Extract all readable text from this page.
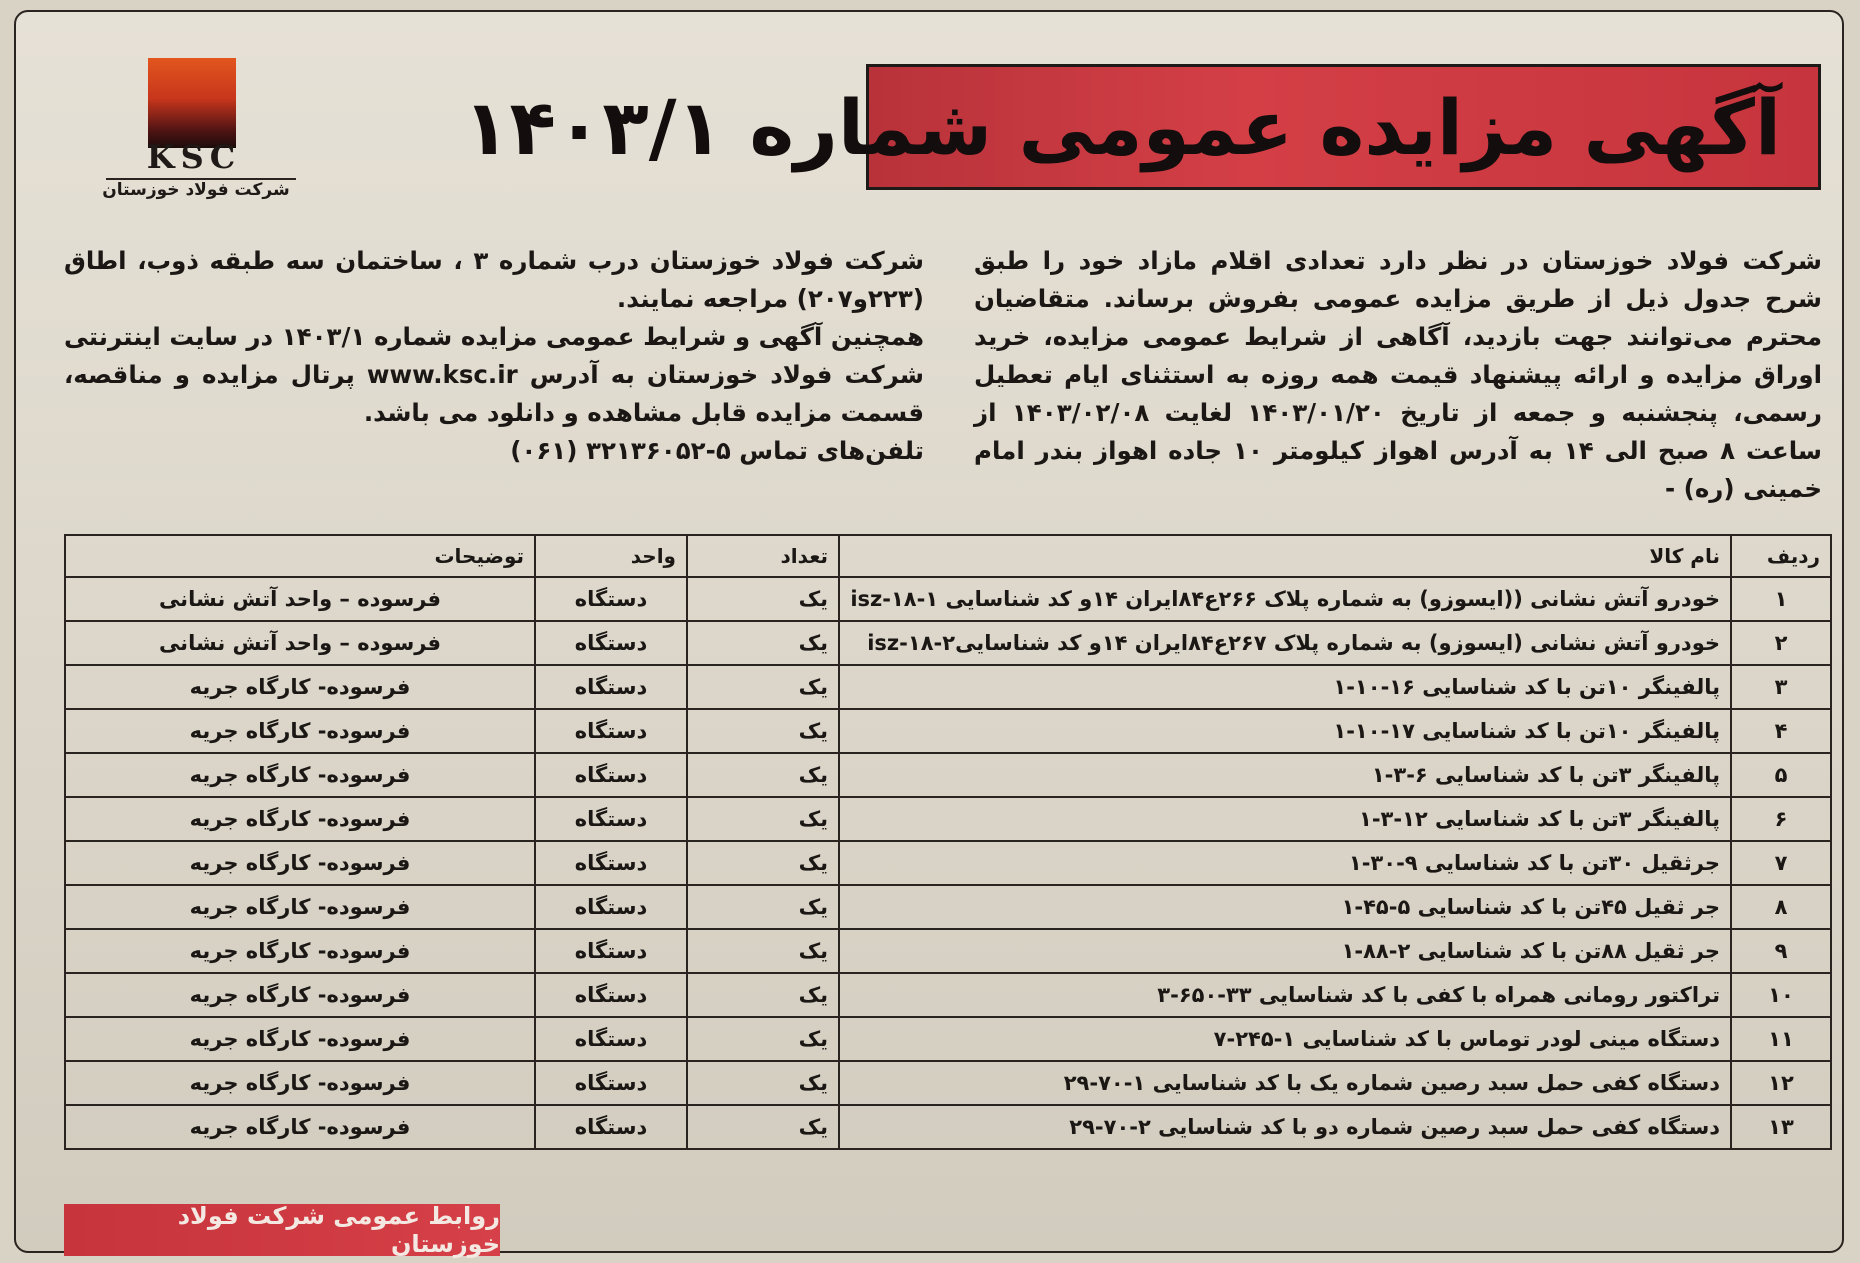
KSC
شرکت فولاد خوزستان
آگهی مزایده عمومی شماره ۱۴۰۳/۱
شرکت فولاد خوزستان در نظر دارد تعدادی اقلام مازاد خود را طبق شرح جدول ذیل از طریق مزایده عمومی بفروش برساند. متقاضیان محترم می‌توانند جهت بازدید، آگاهی از شرایط عمومی مزایده، خرید اوراق مزایده و ارائه پیشنهاد قیمت همه روزه به استثنای ایام تعطیل رسمی، پنجشنبه و جمعه از تاریخ ۱۴۰۳/۰۱/۲۰ لغایت ۱۴۰۳/۰۲/۰۸ از ساعت ۸ صبح الی ۱۴ به آدرس اهواز کیلومتر ۱۰ جاده اهواز بندر امام خمینی (ره) -
شرکت فولاد خوزستان درب شماره ۳ ، ساختمان سه طبقه ذوب، اطاق (۲۲۳و۲۰۷) مراجعه نمایند.
همچنین آگهی و شرایط عمومی مزایده شماره ۱۴۰۳/۱ در سایت اینترنتی شرکت فولاد خوزستان به آدرس www.ksc.ir پرتال مزایده و مناقصه، قسمت مزایده قابل مشاهده و دانلود می باشد.
تلفن‌های تماس ۵-۳۲۱۳۶۰۵۲ (۰۶۱)
ردیف	نام کالا	تعداد	واحد	توضیحات
۱	خودرو آتش نشانی ((ایسوزو) به شماره پلاک ۲۶۶ع۸۴ایران ۱۴و کد شناسایی ۱-isz-۱۸	یک	دستگاه	فرسوده – واحد آتش نشانی
۲	خودرو آتش نشانی (ایسوزو) به شماره پلاک ۲۶۷ع۸۴ایران ۱۴و کد شناسایی۲-isz-۱۸	یک	دستگاه	فرسوده – واحد آتش نشانی
۳	پالفینگر ۱۰تن با کد شناسایی ۱۶-۱۰-۱	یک	دستگاه	فرسوده- کارگاه جریه
۴	پالفینگر ۱۰تن با کد شناسایی ۱۷-۱۰-۱	یک	دستگاه	فرسوده- کارگاه جریه
۵	پالفینگر ۳تن با کد شناسایی ۶-۳-۱	یک	دستگاه	فرسوده- کارگاه جریه
۶	پالفینگر ۳تن با کد شناسایی ۱۲-۳-۱	یک	دستگاه	فرسوده- کارگاه جریه
۷	جرثقیل ۳۰تن با کد شناسایی ۹-۳۰-۱	یک	دستگاه	فرسوده- کارگاه جریه
۸	جر ثقیل ۴۵تن با کد شناسایی ۵-۴۵-۱	یک	دستگاه	فرسوده- کارگاه جریه
۹	جر ثقیل ۸۸تن با کد شناسایی ۲-۸۸-۱	یک	دستگاه	فرسوده- کارگاه جریه
۱۰	تراکتور رومانی همراه با کفی با کد شناسایی ۳۳-۶۵۰-۳	یک	دستگاه	فرسوده- کارگاه جریه
۱۱	دستگاه مینی لودر توماس با کد شناسایی ۱-۲۴۵-۷	یک	دستگاه	فرسوده- کارگاه جریه
۱۲	دستگاه کفی حمل سبد رصین شماره یک با کد شناسایی ۱-۷۰-۲۹	یک	دستگاه	فرسوده- کارگاه جریه
۱۳	دستگاه کفی حمل سبد رصین شماره دو با کد شناسایی ۲-۷۰-۲۹	یک	دستگاه	فرسوده- کارگاه جریه
روابط عمومی شرکت فولاد خوزستان
